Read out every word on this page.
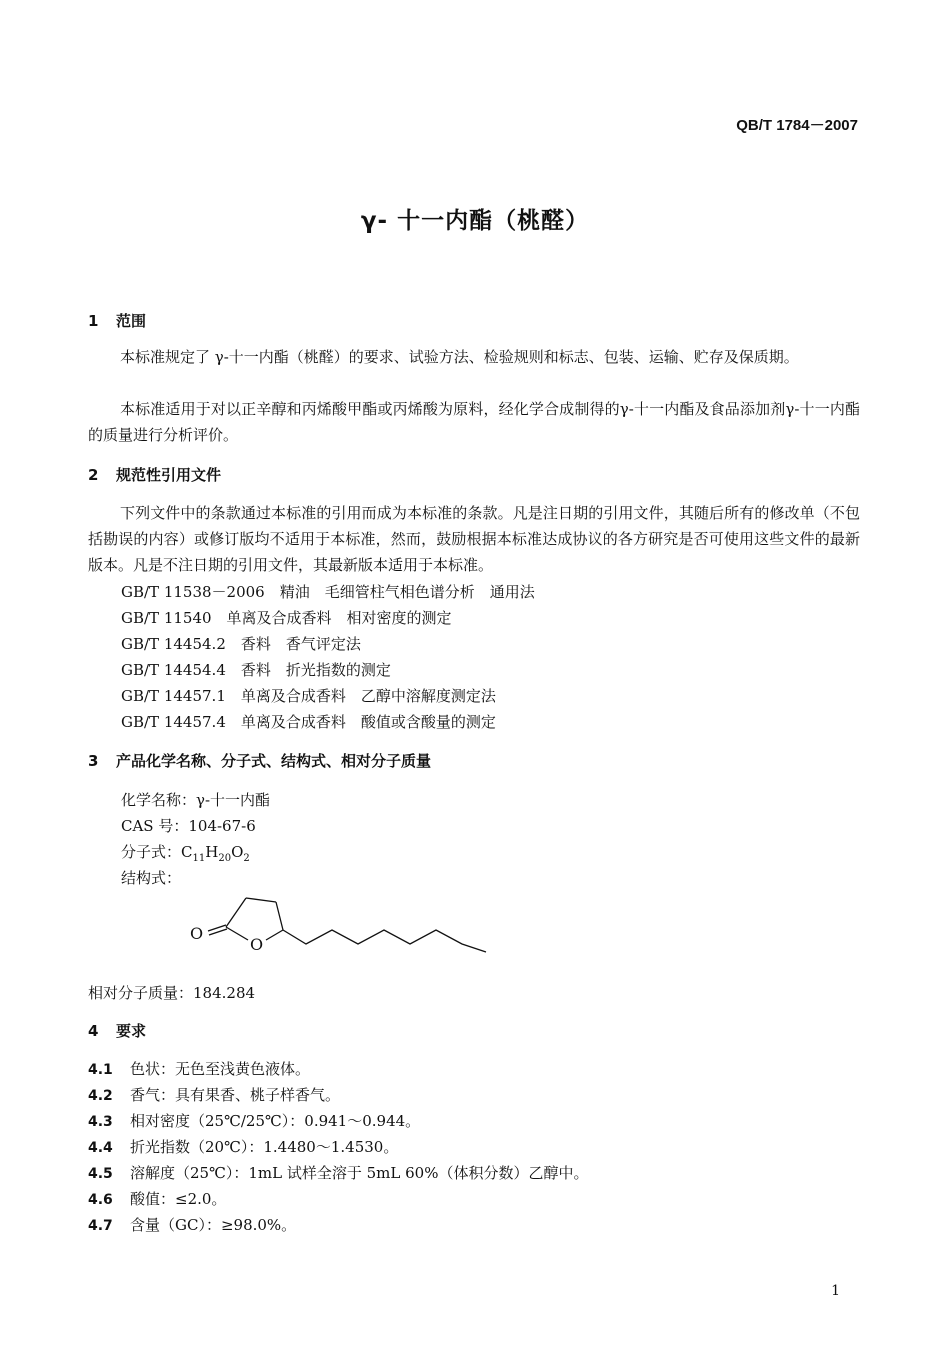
QB/T 1784－2007
γ- 十一内酯（桃醛）
1 范围

本标准规定了 γ-十一内酯（桃醛）的要求、试验方法、检验规则和标志、包装、运输、贮存及保质期。

本标准适用于对以正辛醇和丙烯酸甲酯或丙烯酸为原料，经化学合成制得的γ-十一内酯及食品添加剂γ-十一内酯的质量进行分析评价。

2 规范性引用文件

下列文件中的条款通过本标准的引用而成为本标准的条款。凡是注日期的引用文件，其随后所有的修改单（不包括勘误的内容）或修订版均不适用于本标准，然而，鼓励根据本标准达成协议的各方研究是否可使用这些文件的最新版本。凡是不注日期的引用文件，其最新版本适用于本标准。

GB/T 11538－2006　精油　毛细管柱气相色谱分析　通用法
GB/T 11540　单离及合成香料　相对密度的测定
GB/T 14454.2　香料　香气评定法
GB/T 14454.4　香料　折光指数的测定
GB/T 14457.1　单离及合成香料　乙醇中溶解度测定法
GB/T 14457.4　单离及合成香料　酸值或含酸量的测定
3 产品化学名称、分子式、结构式、相对分子质量
化学名称：γ-十一内酯
CAS 号：104-67-6
分子式：$C_{11}H_{20}O_2$
结构式：
O
O
相对分子质量：184.284
4 要求
4.1 色状：无色至浅黄色液体。
4.2 香气：具有果香、桃子样香气。
4.3 相对密度（25℃/25℃）：0.941～0.944。
4.4 折光指数（20℃）：1.4480～1.4530。
4.5 溶解度（25℃）：1mL 试样全溶于 5mL 60%（体积分数）乙醇中。
4.6 酸值：≤2.0。
4.7 含量（GC）：≥98.0%。
1
